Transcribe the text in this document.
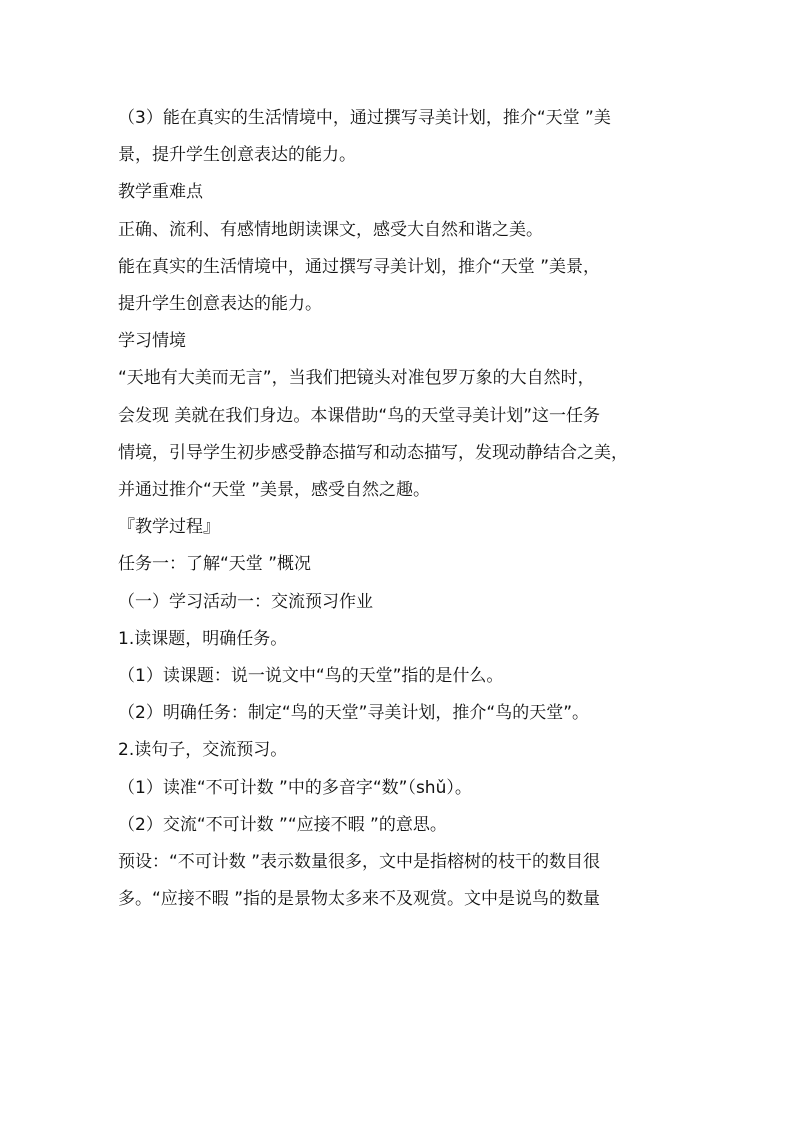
（3）能在真实的生活情境中，通过撰写寻美计划，推介“天堂 ”美

景，提升学生创意表达的能力。

教学重难点

正确、流利、有感情地朗读课文，感受大自然和谐之美。

能在真实的生活情境中，通过撰写寻美计划，推介“天堂 ”美景，

提升学生创意表达的能力。

学习情境

“天地有大美而无言”，当我们把镜头对准包罗万象的大自然时，

会发现 美就在我们身边。本课借助“鸟的天堂寻美计划”这一任务

情境，引导学生初步感受静态描写和动态描写，发现动静结合之美，

并通过推介“天堂 ”美景，感受自然之趣。

『教学过程』

任务一：了解“天堂 ”概况

（一）学习活动一：交流预习作业

1.读课题，明确任务。

（1）读课题：说一说文中“鸟的天堂”指的是什么。

（2）明确任务：制定“鸟的天堂”寻美计划，推介“鸟的天堂”。

2.读句子，交流预习。

（1）读准“不可计数 ”中的多音字“数”（shǔ）。

（2）交流“不可计数 ”“应接不暇 ”的意思。

预设：“不可计数 ”表示数量很多，文中是指榕树的枝干的数目很

多。“应接不暇 ”指的是景物太多来不及观赏。文中是说鸟的数量
